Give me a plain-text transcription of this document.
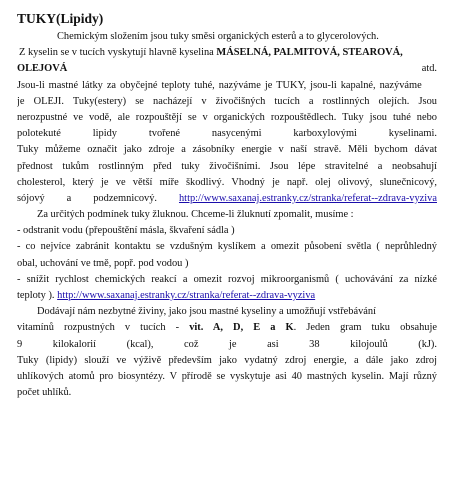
TUKY(Lipidy)
Chemickým složením jsou tuky směsi organických esterů a to glycerolových.
Z kyselin se v tucích vyskytují hlavně kyselina MÁSELNÁ, PALMITOVÁ, STEAROVÁ,
OLEJOVÁ	atd.
Jsou-li mastné látky za obyčejné teploty tuhé, nazýváme je TUKY, jsou-li kapalné, nazýváme
je OLEJI. Tuky(estery) se nacházejí v živočišných tucích a rostlinných olejích. Jsou
nerozpustné ve vodě, ale rozpouštějí se v organických rozpouštědlech. Tuky jsou tuhé nebo
polotekuté lipidy tvořené nasycenými karboxylovými kyselinami.
Tuky můžeme označit jako zdroje a zásobníky energie v naší stravě. Měli bychom dávat
přednost tukům rostlinným před tuky živočišními. Jsou lépe stravitelné a neobsahují
cholesterol, který je ve větší míře škodlivý. Vhodný je např. olej olivový, slunečnicový,
sójový a podzemnicový. http://www.saxanaj.estranky.cz/stranka/referat--zdrava-vyziva
Za určitých podmínek tuky žluknou. Chceme-li žluknutí zpomalit, musíme :
- odstranit vodu (přepouštění másla, škvaření sádla )
- co nejvíce zabránit kontaktu se vzdušným kyslíkem a omezit působení světla ( neprůhledný
obal, uchování ve tmě, popř. pod vodou )
- snížit rychlost chemických reakcí a omezit rozvoj mikroorganismů ( uchovávání za nízké
teploty ). http://www.saxanaj.estranky.cz/stranka/referat--zdrava-vyziva
Dodávají nám nezbytné živiny, jako jsou mastné kyseliny a umožňují vstřebávání
vitamínů rozpustných v tucích - vit. A, D, E a K. Jeden gram tuku obsahuje
9 kilokalorií (kcal), což je asi 38 kilojoulů (kJ).
Tuky (lipidy) slouží ve výživě především jako vydatný zdroj energie, a dále jako zdroj
uhlíkových atomů pro biosyntézy. V přírodě se vyskytuje asi 40 mastných kyselin. Mají různý
počet uhlíků.
